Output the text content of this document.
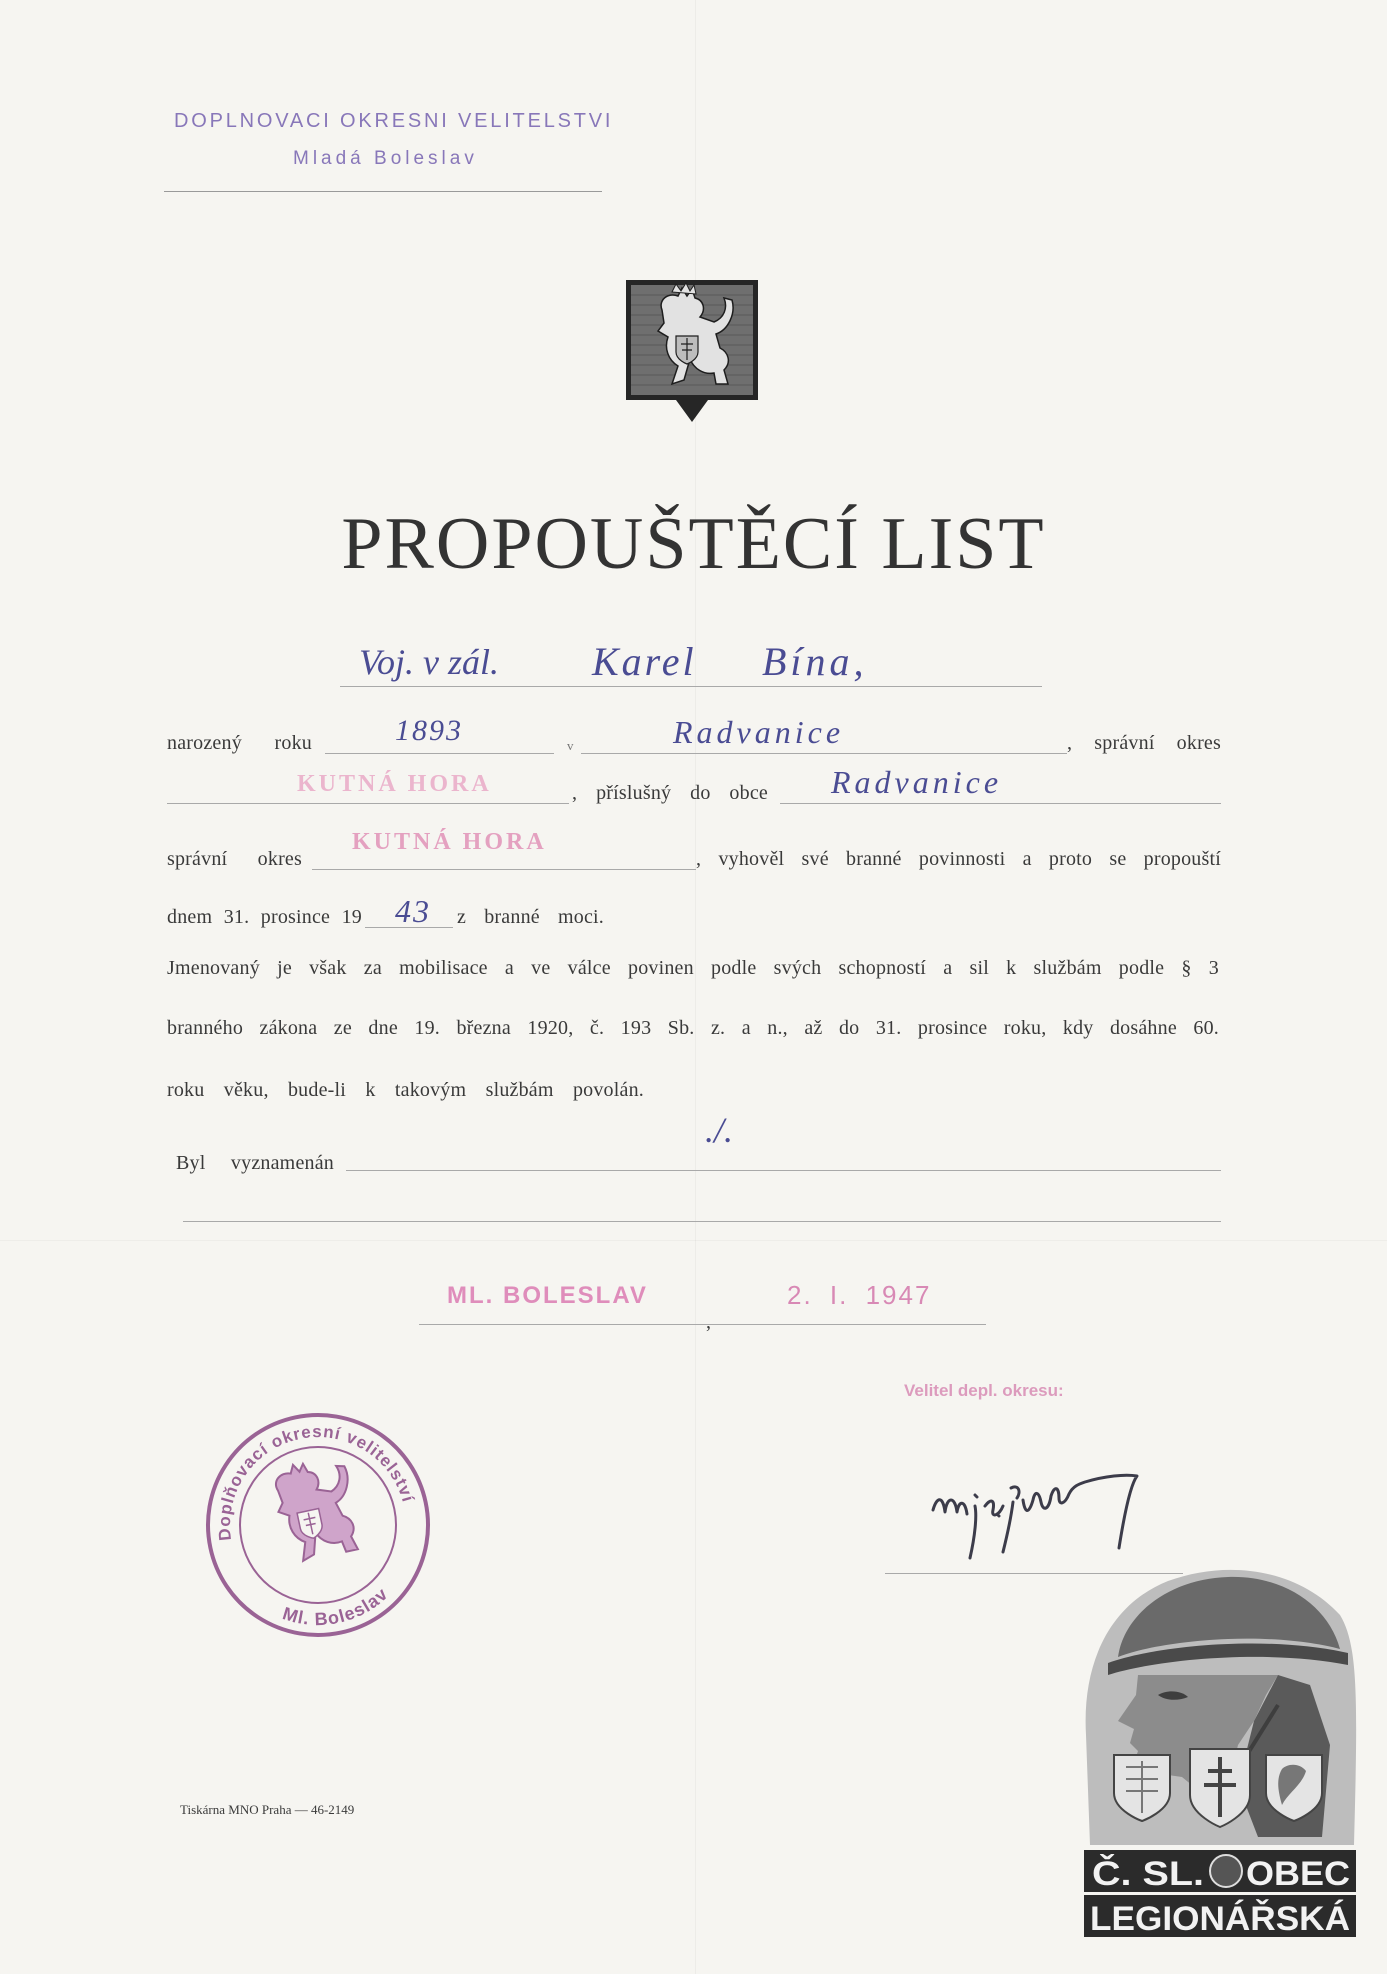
DOPLNOVACI OKRESNI VELITELSTVI
Mladá Boleslav
PROPOUŠTĚCÍ LIST
Voj. v zál. Karel Bína,
narozený roku	1893	v	Radvanice	, správní okres
KUTNÁ HORA	, příslušný do obce Radvanice
správní okres
KUTNÁ HORA
, vyhověl své branné povinnosti a proto se propouští
dnem 31. prosince 19 43 z branné moci.
Jmenovaný je však za mobilisace a ve válce povinen podle svých schopností a sil k službám podle § 3
branného zákona ze dne 19. března 1920, č. 193 Sb. z. a n., až do 31. prosince roku, kdy dosáhne 60.
roku věku, bude-li k takovým službám povolán.
Byl vyznamenán
./.
ML. BOLESLAV
,
2. I. 1947
Velitel depl. okresu:
Doplňovací okresní velitelství
Ml. Boleslav
Tiskárna MNO Praha — 46-2149
Č. SL.	OBEC
LEGIONÁŘSKÁ
